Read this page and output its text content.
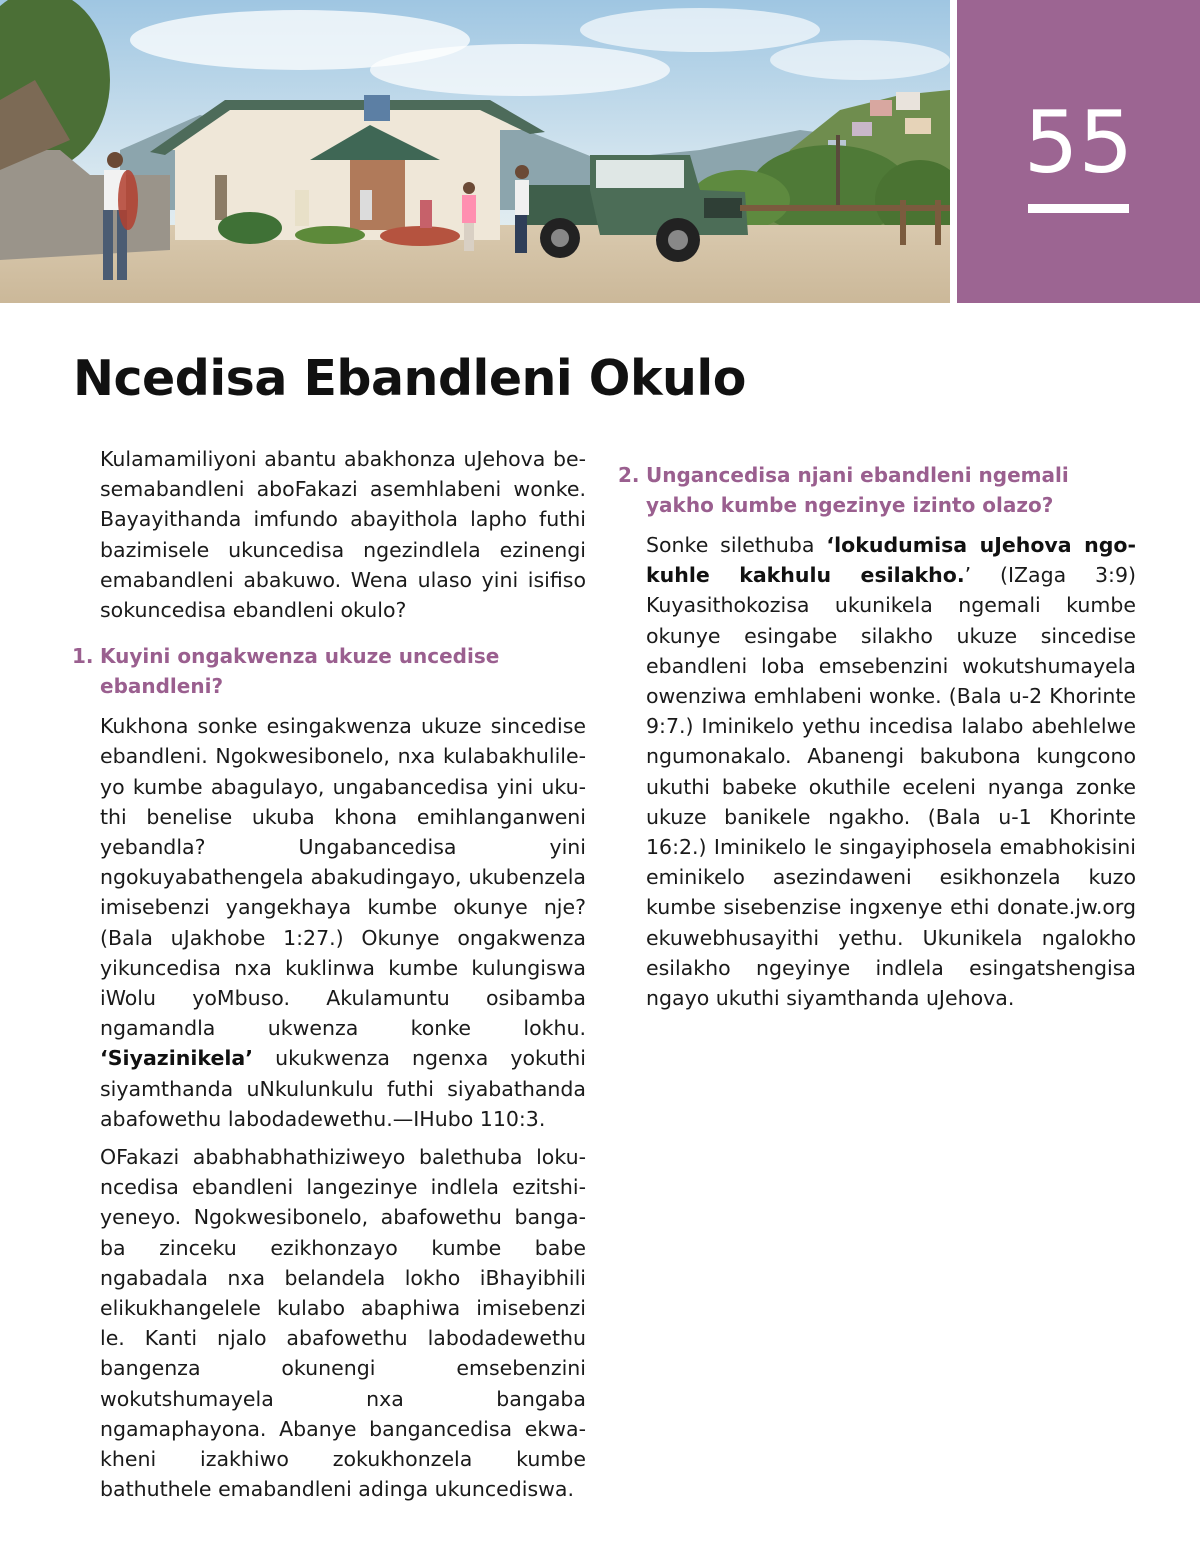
55
Ncedisa Ebandleni Okulo

Kulamamiliyoni abantu abakhonza uJehova besemabandleni aboFakazi asemhlabeni wonke. Bayayithanda imfundo abayithola lapho futhi bazimisele ukuncedisa ngezindlela ezinengi emabandleni abakuwo. Wena ulaso yini isifiso sokuncedisa ebandleni okulo?

1. Kuyini ongakwenza ukuze uncedise ebandleni?

Kukhona sonke esingakwenza ukuze sincedise ebandleni. Ngokwesibonelo, nxa kulabakhulileyo kumbe abagulayo, ungabancedisa yini ukuthi benelise ukuba khona emihlanganweni yebandla? Ungabancedisa yini ngokuyabathengela abakudingayo, ukubenzela imisebenzi yangekhaya kumbe okunye nje? (Bala uJakhobe 1:27.) Okunye ongakwenza yikuncedisa nxa kuklinwa kumbe kulungiswa iWolu yoMbuso. Akulamuntu osibamba ngamandla ukwenza konke lokhu. ‘Siyazinikela’ ukukwenza ngenxa yokuthi siyamthanda uNkulunkulu futhi siyabathanda abafowethu labodadewethu.—IHubo 110:3.

OFakazi ababhabhathiziweyo balethuba lokuncedisa ebandleni langezinye indlela ezitshiyeneyo. Ngokwesibonelo, abafowethu bangaba zinceku ezikhonzayo kumbe babe ngabadala nxa belandela lokho iBhayibhili elikukhangelele kulabo abaphiwa imisebenzi le. Kanti njalo abafowethu labodadewethu bangenza okunengi emsebenzini wokutshumayela nxa bangaba ngamaphayona. Abanye bangancedisa ekwakheni izakhiwo zokukhonzela kumbe bathuthele emabandleni adinga ukuncediswa.

2. Ungancedisa njani ebandleni ngemali yakho kumbe ngezinye izinto olazo?

Sonke silethuba ‘lokudumisa uJehova ngokuhle kakhulu esilakho.’ (IZaga 3:9) Kuyasithokozisa ukunikela ngemali kumbe okunye esingabe silakho ukuze sincedise ebandleni loba emsebenzini wokutshumayela owenziwa emhlabeni wonke. (Bala u-2 Khorinte 9:7.) Iminikelo yethu incedisa lalabo abehlelwe ngumonakalo. Abanengi bakubona kungcono ukuthi babeke okuthile eceleni nyanga zonke ukuze banikele ngakho. (Bala u-1 Khorinte 16:2.) Iminikelo le singayiphosela emabhokisini eminikelo asezindaweni esikhonzela kuzo kumbe sisebenzise ingxenye ethi donate.jw.org ekuwebhusayithi yethu. Ukunikela ngalokho esilakho ngeyinye indlela esingatshengisa ngayo ukuthi siyamthanda uJehova.
